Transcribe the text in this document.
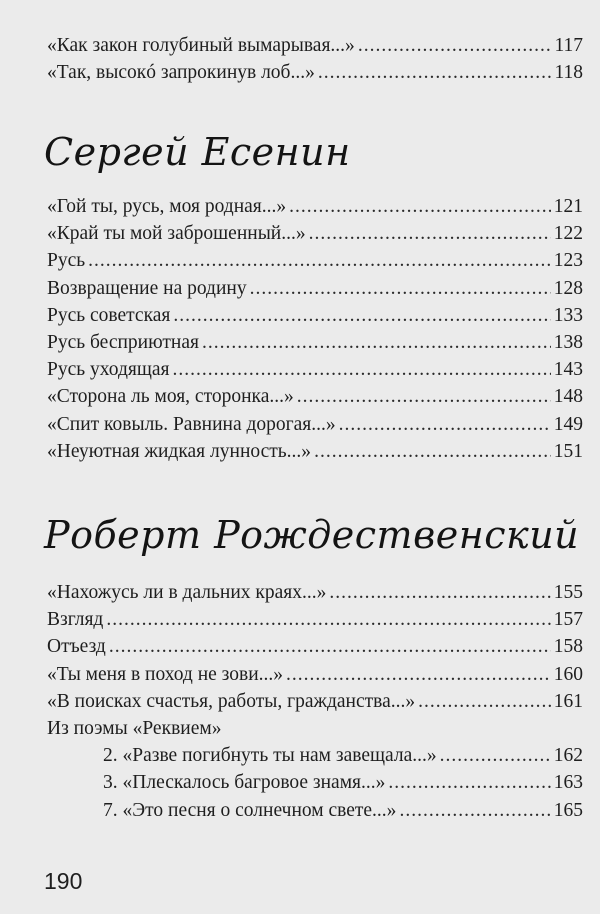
«Как закон голубиный вымарывая...» .....	117
«Так, высокó запрокинув лоб...» .....	118
Сергей Есенин
«Гой ты, русь, моя родная...» .....	121
«Край ты мой заброшенный...» .....	122
Русь .....	123
Возвращение на родину .....	128
Русь советская .....	133
Русь бесприютная .....	138
Русь уходящая .....	143
«Сторона ль моя, сторонка...» .....	148
«Спит ковыль. Равнина дорогая...» .....	149
«Неуютная жидкая лунность...» .....	151
Роберт Рождественский
«Нахожусь ли в дальних краях...» .....	155
Взгляд .....	157
Отъезд .....	158
«Ты меня в поход не зови...» .....	160
«В поисках счастья, работы, гражданства...» .....	161
Из поэмы «Реквием»
2. «Разве погибнуть ты нам завещала...» .....	162
3. «Плескалось багровое знамя...» .....	163
7. «Это песня о солнечном свете...» .....	165
190
